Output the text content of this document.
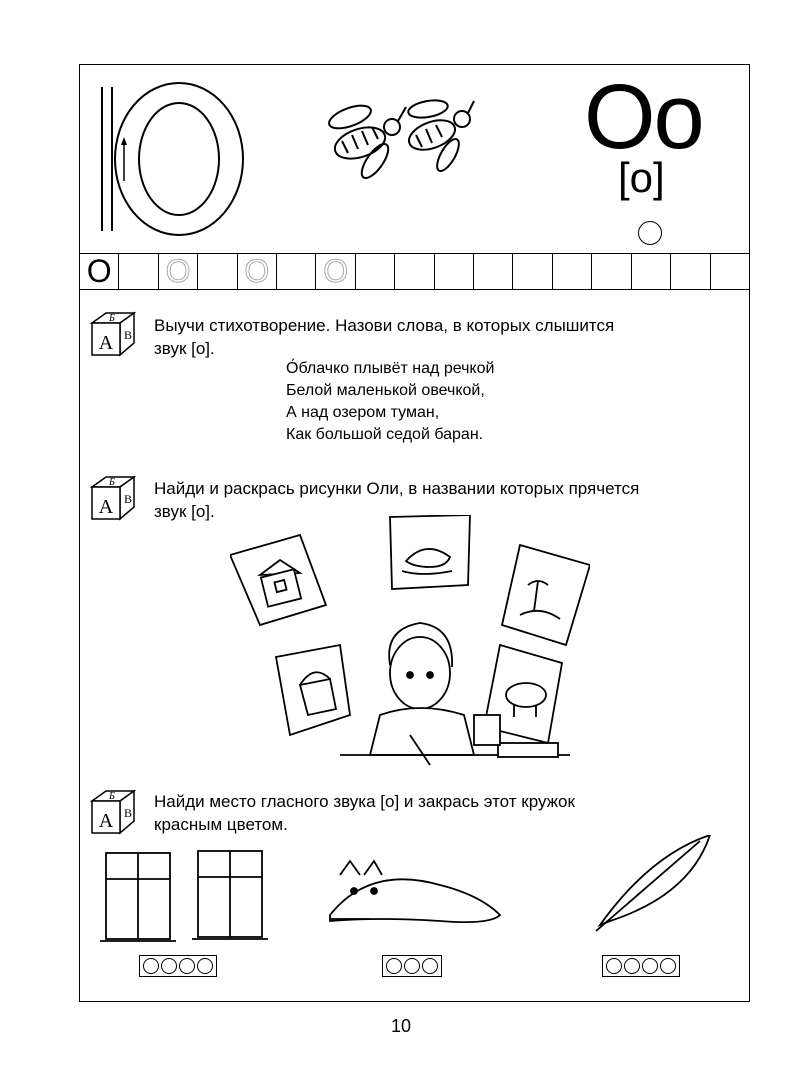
Оо
[о]
О О О О
Б
А В Выучи стихотворение. Назови слова, в которых слышится
звук [о].
О́блачко плывёт над речкой
Белой маленькой овечкой,
А над озером туман,
Как большой седой баран.
Б
А В
Найди и раскрась рисунки Оли, в названии которых прячется
звук [о].
Б
А В
Найди место гласного звука [о] и закрась этот кружок
красным цветом.
10
